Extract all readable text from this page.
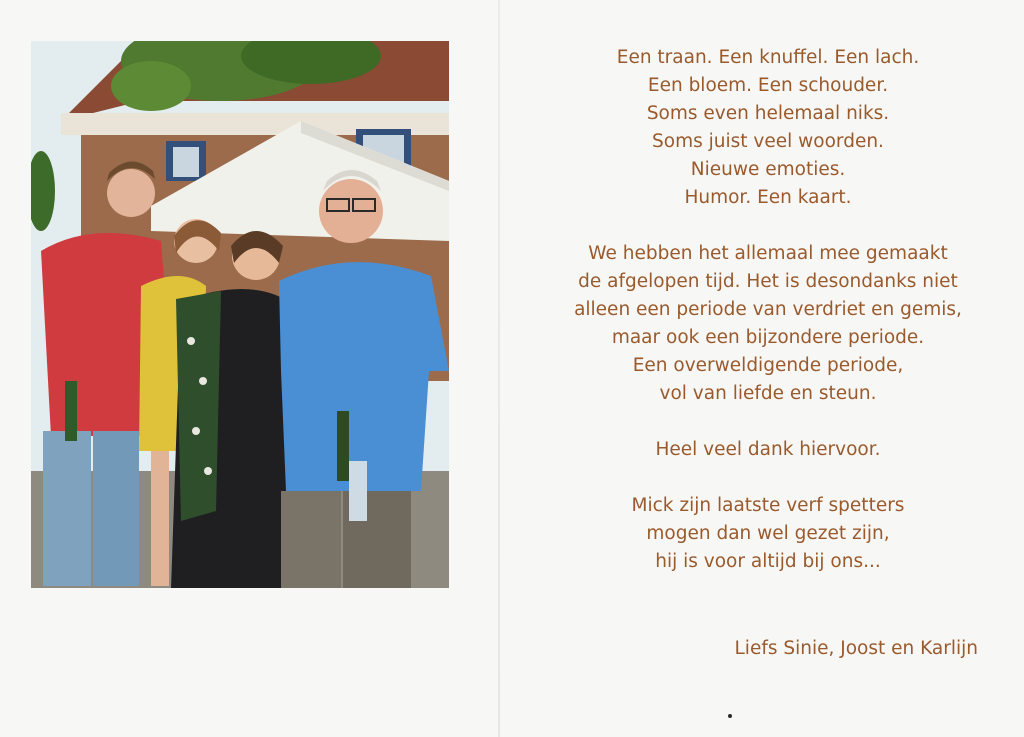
Een traan. Een knuffel. Een lach.
Een bloem. Een schouder.
Soms even helemaal niks.
Soms juist veel woorden.
Nieuwe emoties.
Humor. Een kaart.
We hebben het allemaal mee gemaakt
de afgelopen tijd. Het is desondanks niet
alleen een periode van verdriet en gemis,
maar ook een bijzondere periode.
Een overweldigende periode,
vol van liefde en steun.
Heel veel dank hiervoor.
Mick zijn laatste verf spetters
mogen dan wel gezet zijn,
hij is voor altijd bij ons...
Liefs Sinie, Joost en Karlijn
